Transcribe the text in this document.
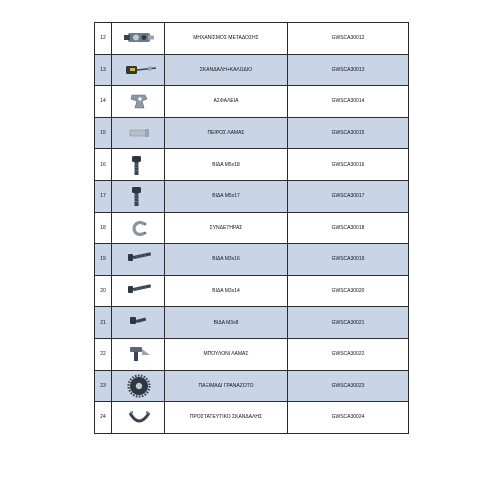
12		ΜΗΧΑΝΙΣΜΟΣ ΜΕΤΑΔΟΣΗΣ	GWSCA30012
13		ΣΚΑΝΔΑΛΗ+ΚΑΛΩΔΙΟ	GWSCA30013
14		ΑΣΦΑΛΕΙΑ	GWSCA30014
15		ΠΕΙΡΟΣ ΛΑΜΑΣ	GWSCA30015
16		ΒΙΔΑ Μ5x18	GWSCA30016
17		ΒΙΔΑ Μ5x17	GWSCA30017
18		ΣΥΝΔΕΤΗΡΑΣ	GWSCA30018
19		ΒΙΔΑ Μ3x16	GWSCA30019
20		ΒΙΔΑ Μ3x14	GWSCA30020
21		ΒΙΔΑ Μ3x8	GWSCA30021
22		ΜΠΟΥΛΟΝΙ ΛΑΜΑΣ	GWSCA30022
23		ΠΑΞΙΜΑΔΙ ΓΡΑΝΑΖΟΤΟ	GWSCA30023
24		ΠΡΟΣΤΑΤΕΥΤΙΚΟ ΣΚΑΝΔΑΛΗΣ	GWSCA30024
